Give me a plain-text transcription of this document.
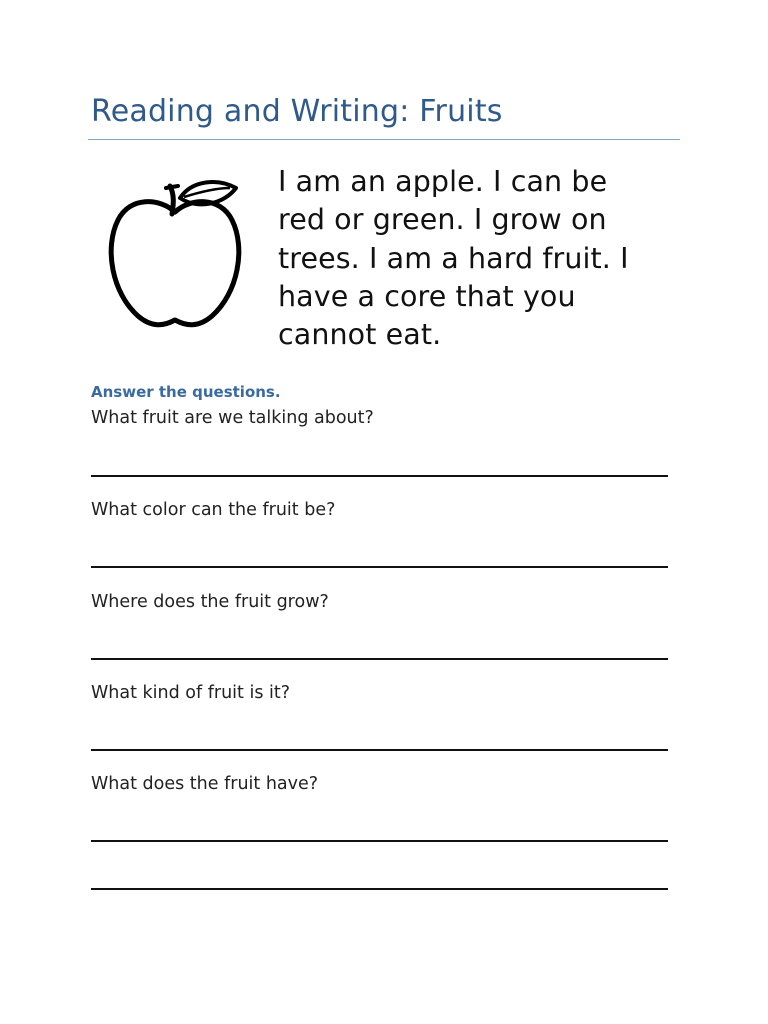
Reading and Writing: Fruits

I am an apple. I can be red or green. I grow on trees. I am a hard fruit. I have a core that you cannot eat.

Answer the questions.

What fruit are we talking about?

What color can the fruit be?

Where does the fruit grow?

What kind of fruit is it?

What does the fruit have?
